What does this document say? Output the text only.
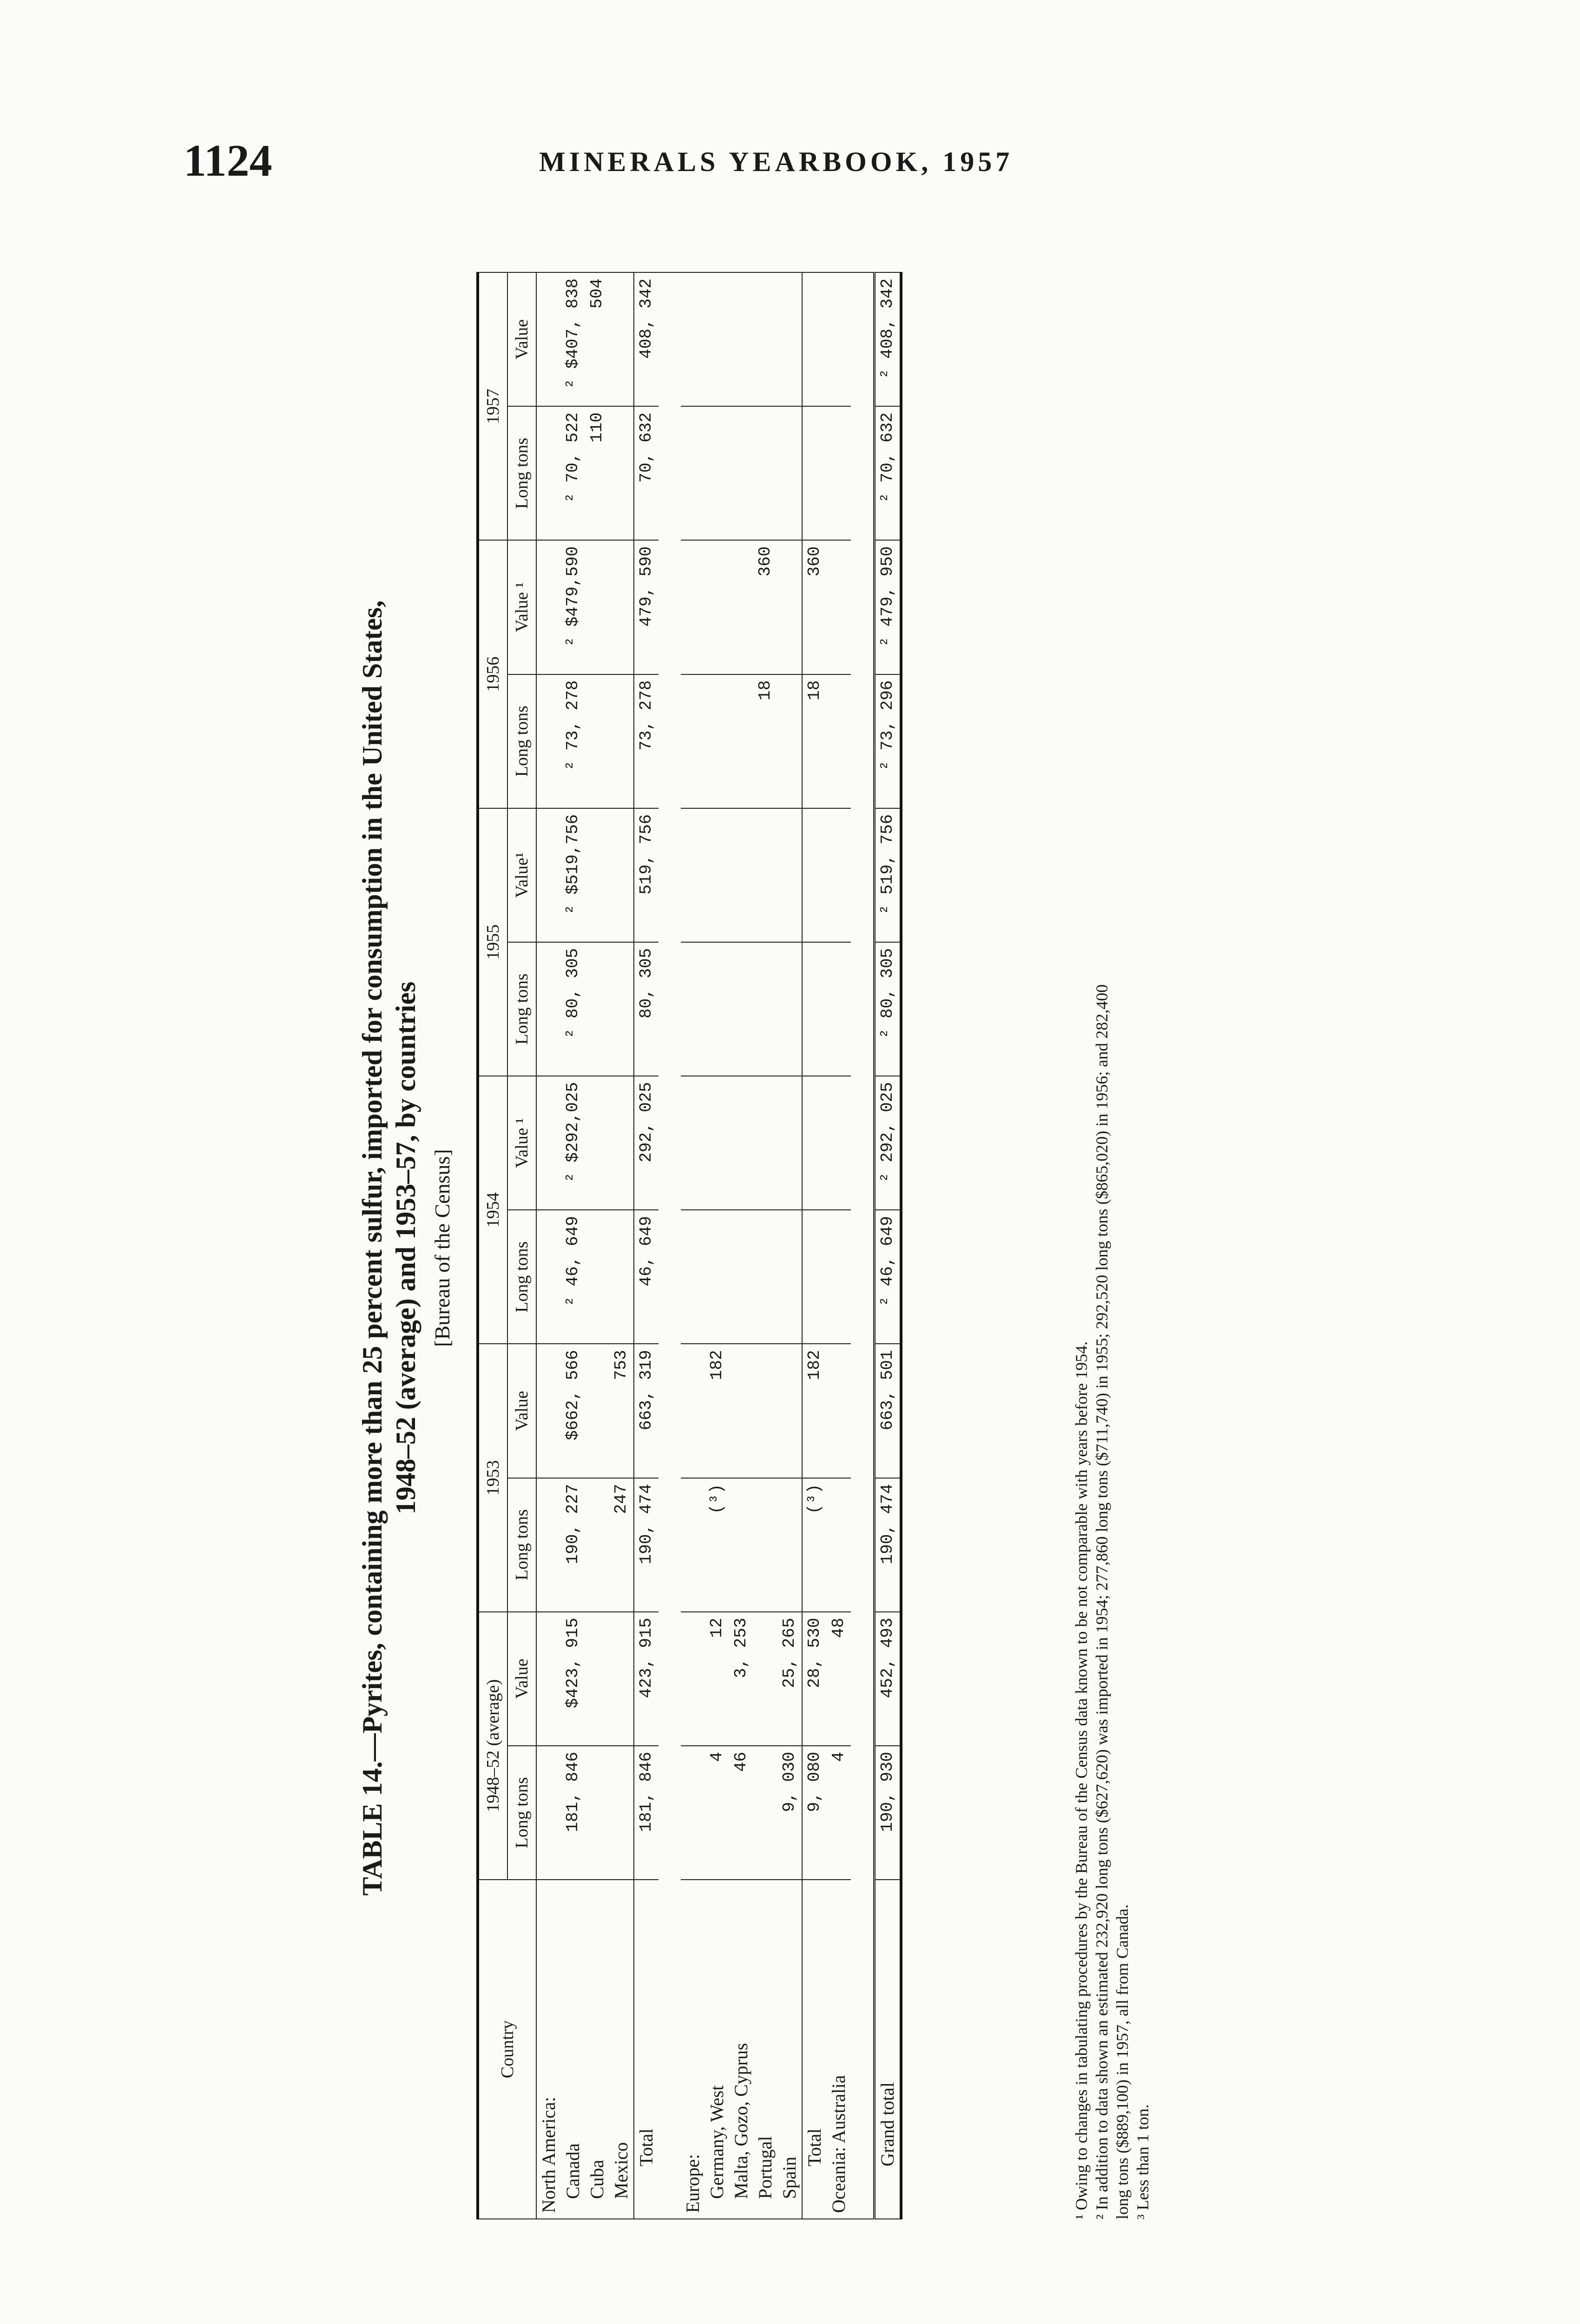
1124	MINERALS YEARBOOK, 1957
TABLE 14.—Pyrites, containing more than 25 percent sulfur, imported for consumption in the United States, 1948–52 (average) and 1953–57, by countries [Bureau of the Census]
Country	1948–52 (average)		1953		1954		1955		1956		1957	
	Long tons	Value	Long tons	Value	Long tons	Value ¹	Long tons	Value¹	Long tons	Value ¹	Long tons	Value
North America:												
Canada	181, 846	$423, 915	190, 227	$662, 566	² 46, 649	² $292,025	² 80, 305	² $519,756	² 73, 278	² $479,590	² 70, 522	² $407, 838
Cuba											110	504
Mexico			247	753								
Total	181, 846	423, 915	190, 474	663, 319	46, 649	292, 025	80, 305	519, 756	73, 278	479, 590	70, 632	408, 342

Europe:												
Germany, West	4	12	(³)	182								
Malta, Gozo, Cyprus	46	3, 253										
Portugal									18	360		
Spain	9, 030	25, 265										
Total	9, 080	28, 530	(³)	182					18	360		
Oceania: Australia	4	48										

Grand total	190, 930	452, 493	190, 474	663, 501	² 46, 649	² 292, 025	² 80, 305	² 519, 756	² 73, 296	² 479, 950	² 70, 632	² 408, 342

¹ Owing to changes in tabulating procedures by the Bureau of the Census data known to be not comparable with years before 1954. ² In addition to data shown an estimated 232,920 long tons ($627,620) was imported in 1954; 277,860 long tons ($711,740) in 1955; 292,520 long tons ($865,020) in 1956; and 282,400 long tons ($889,100) in 1957, all from Canada. ³ Less than 1 ton.
